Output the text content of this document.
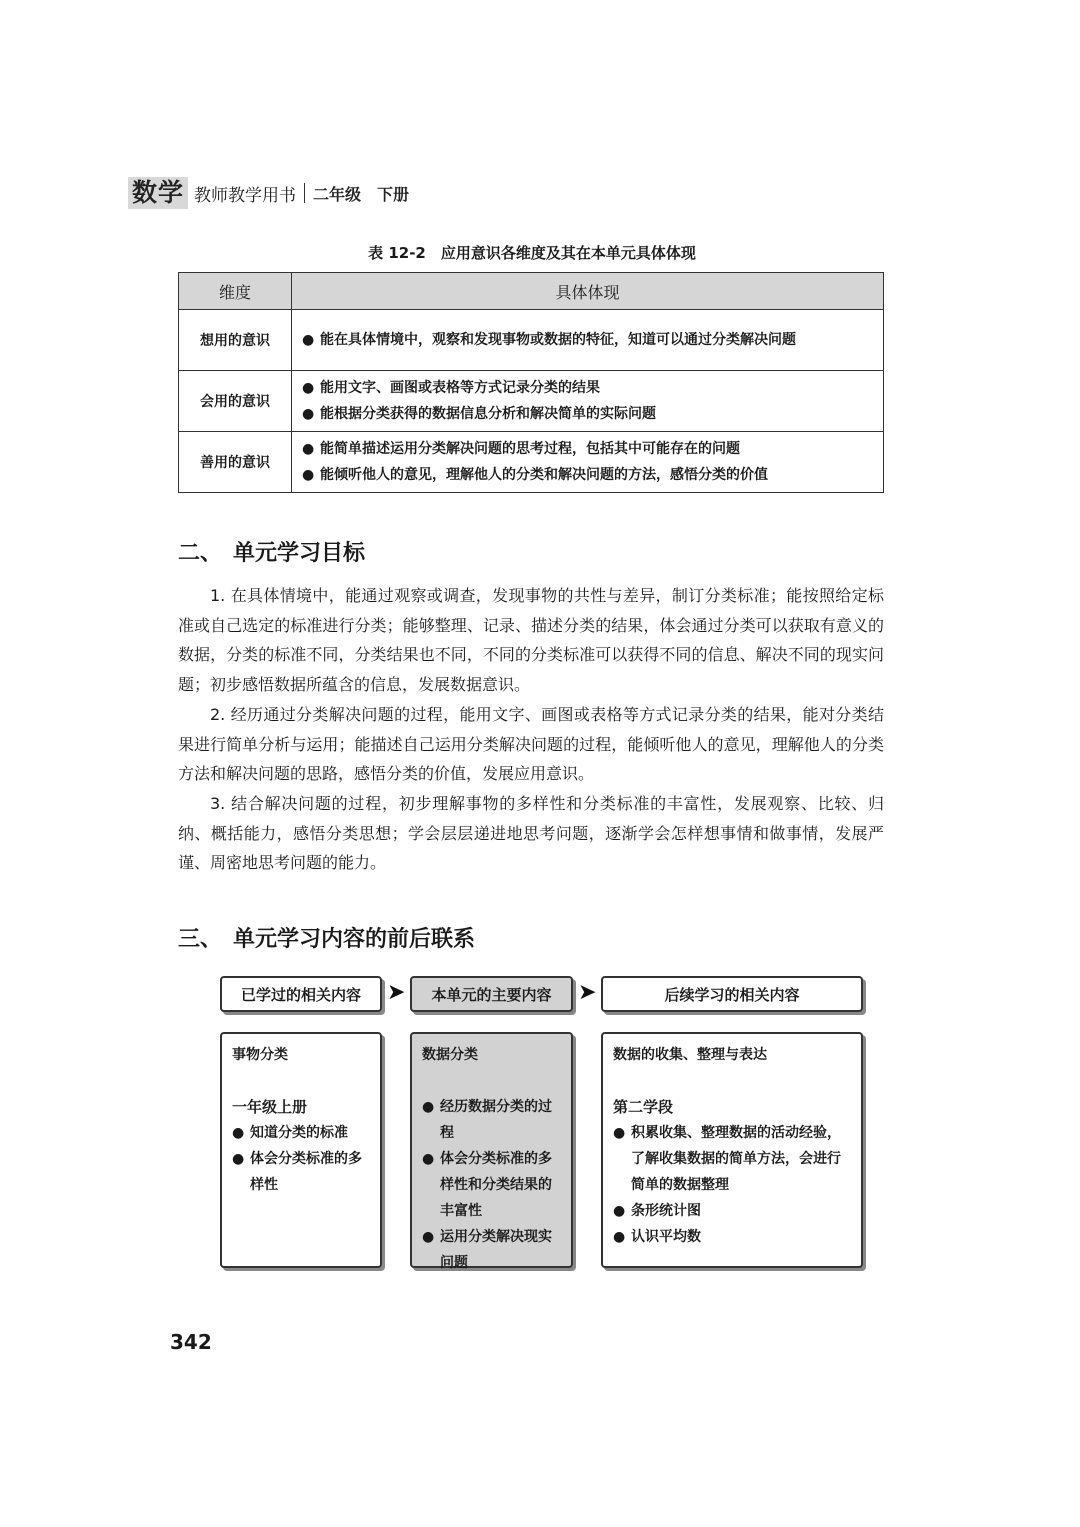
数学 教师教学用书 二年级 下册
表 12-2　应用意识各维度及其在本单元具体体现
维度	具体体现
想用的意识	● 能在具体情境中，观察和发现事物或数据的特征，知道可以通过分类解决问题

会用的意识	● 能用文字、画图或表格等方式记录分类的结果
● 能根据分类获得的数据信息分析和解决简单的实际问题

善用的意识	● 能简单描述运用分类解决问题的思考过程，包括其中可能存在的问题
● 能倾听他人的意见，理解他人的分类和解决问题的方法，感悟分类的价值
二、　单元学习目标

1. 在具体情境中，能通过观察或调查，发现事物的共性与差异，制订分类标准；能按照给定标准或自己选定的标准进行分类；能够整理、记录、描述分类的结果，体会通过分类可以获取有意义的数据，分类的标准不同，分类结果也不同，不同的分类标准可以获得不同的信息、解决不同的现实问题；初步感悟数据所蕴含的信息，发展数据意识。

2. 经历通过分类解决问题的过程，能用文字、画图或表格等方式记录分类的结果，能对分类结果进行简单分析与运用；能描述自己运用分类解决问题的过程，能倾听他人的意见，理解他人的分类方法和解决问题的思路，感悟分类的价值，发展应用意识。

3. 结合解决问题的过程，初步理解事物的多样性和分类标准的丰富性，发展观察、比较、归纳、概括能力，感悟分类思想；学会层层递进地思考问题，逐渐学会怎样想事情和做事情，发展严谨、周密地思考问题的能力。

三、　单元学习内容的前后联系
已学过的相关内容	➤	本单元的主要内容	➤	后续学习的相关内容
事物分类
一年级上册
● 知道分类的标准
● 体会分类标准的多样性
数据分类
● 经历数据分类的过程
● 体会分类标准的多样性和分类结果的丰富性
● 运用分类解决现实问题
数据的收集、整理与表达
第二学段
● 积累收集、整理数据的活动经验，了解收集数据的简单方法，会进行简单的数据整理
● 条形统计图
● 认识平均数
342
